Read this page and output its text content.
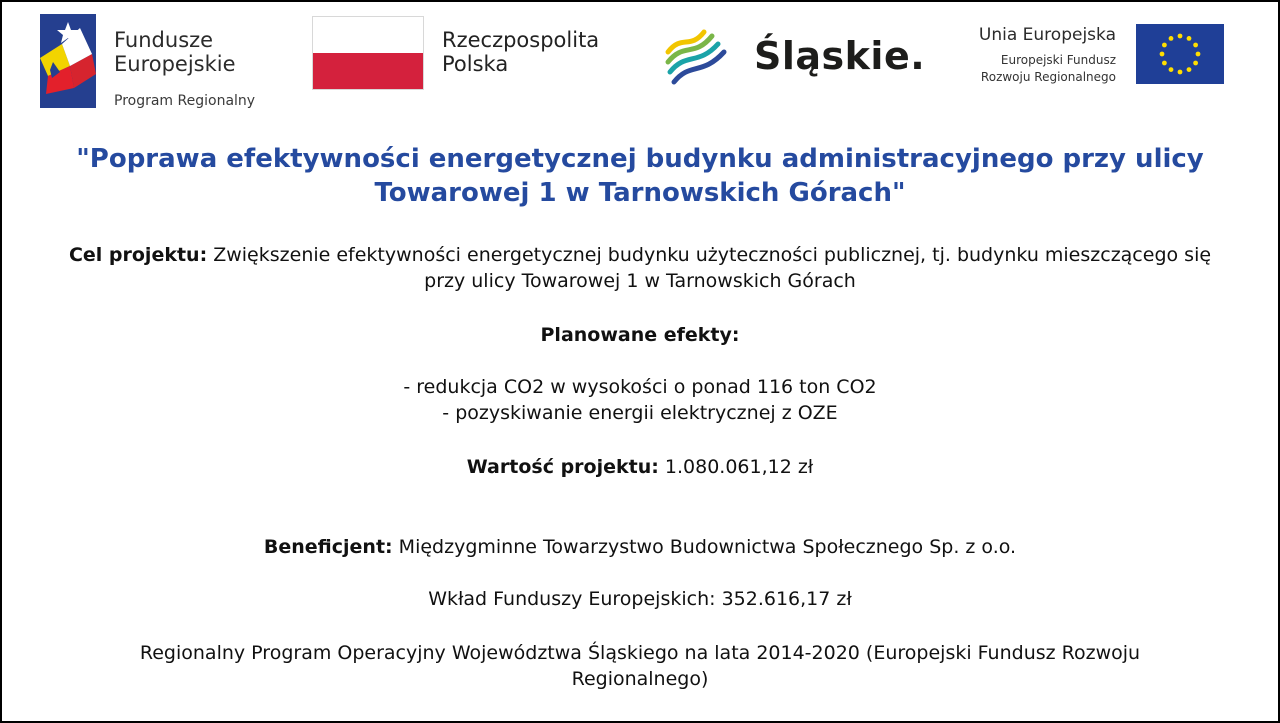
Fundusze
Europejskie
Program Regionalny
Rzeczpospolita
Polska	Śląskie.	Unia Europejska
Europejski Fundusz
Rozwoju Regionalnego
"Poprawa efektywności energetycznej budynku administracyjnego przy ulicy Towarowej 1 w Tarnowskich Górach"
Cel projektu: Zwiększenie efektywności energetycznej budynku użyteczności publicznej, tj. budynku mieszczącego się przy ulicy Towarowej 1 w Tarnowskich Górach
Planowane efekty:
- redukcja CO2 w wysokości o ponad 116 ton CO2
- pozyskiwanie energii elektrycznej z OZE
Wartość projektu: 1.080.061,12 zł
Beneficjent: Międzygminne Towarzystwo Budownictwa Społecznego Sp. z o.o.
Wkład Funduszy Europejskich: 352.616,17 zł
Regionalny Program Operacyjny Województwa Śląskiego na lata 2014-2020 (Europejski Fundusz Rozwoju Regionalnego)
